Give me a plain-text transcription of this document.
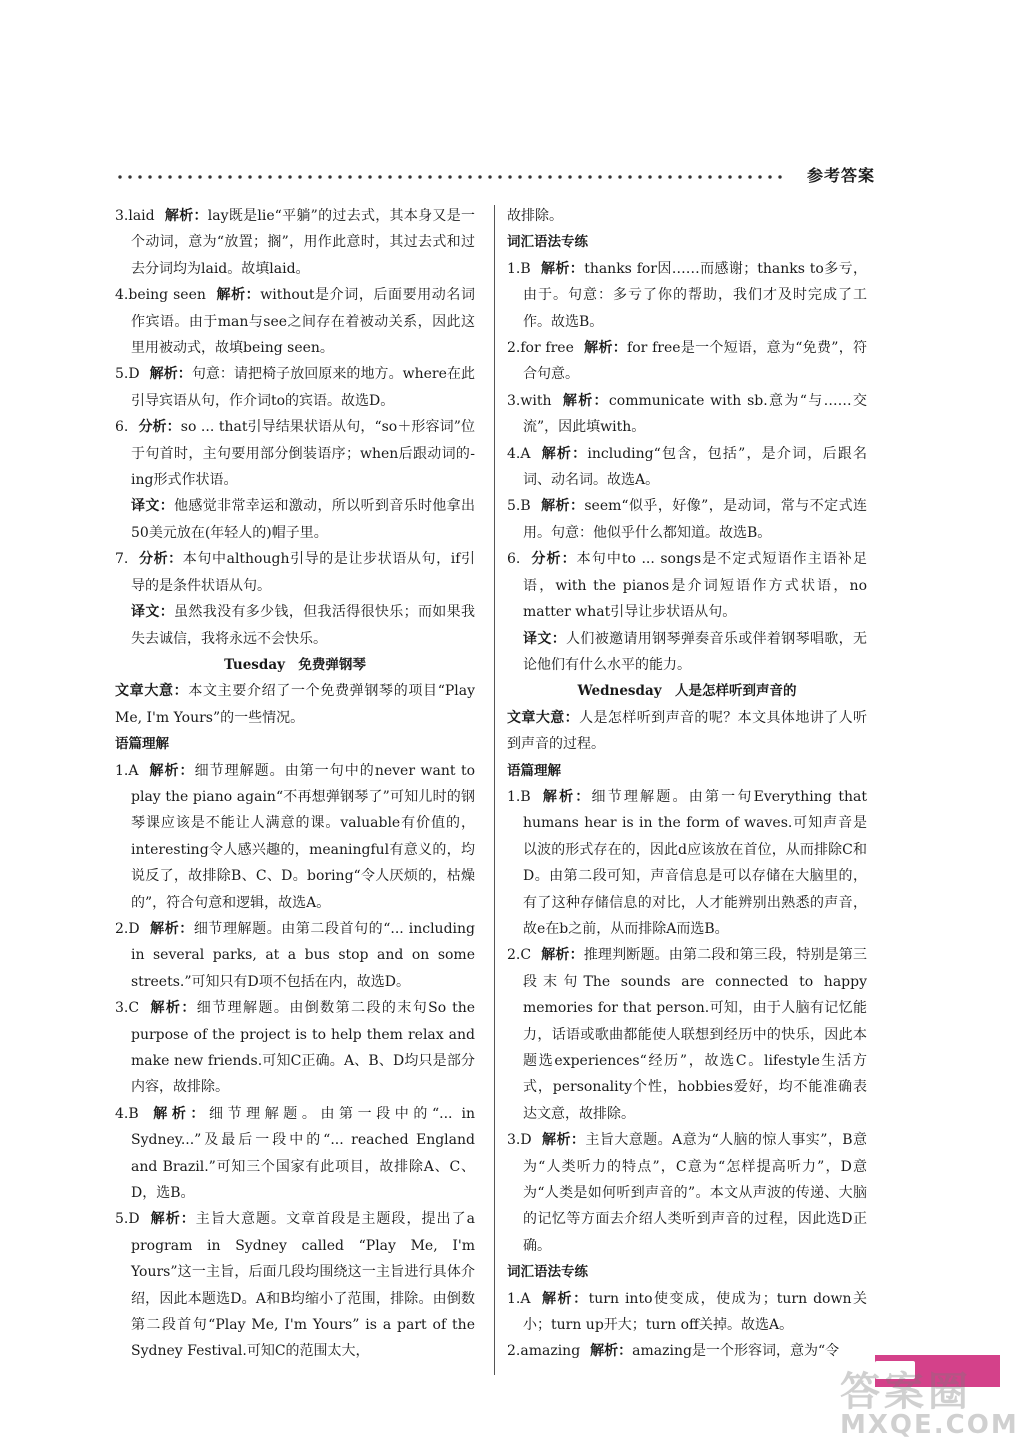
参考答案

3.laid 解析：lay既是lie“平躺”的过去式，其本身又是一个动词，意为“放置；搁”，用作此意时，其过去式和过去分词均为laid。故填laid。

4.being seen 解析：without是介词，后面要用动名词作宾语。由于man与see之间存在着被动关系，因此这里用被动式，故填being seen。

5.D 解析：句意：请把椅子放回原来的地方。where在此引导宾语从句，作介词to的宾语。故选D。

6. 分析：so ... that引导结果状语从句，“so＋形容词”位于句首时，主句要用部分倒装语序；when后跟动词的-ing形式作状语。

译文：他感觉非常幸运和激动，所以听到音乐时他拿出50美元放在(年轻人的)帽子里。

7. 分析：本句中although引导的是让步状语从句，if引导的是条件状语从句。

译文：虽然我没有多少钱，但我活得很快乐；而如果我失去诚信，我将永远不会快乐。

Tuesday　免费弹钢琴

文章大意：本文主要介绍了一个免费弹钢琴的项目“Play Me, I'm Yours”的一些情况。

语篇理解

1.A 解析：细节理解题。由第一句中的never want to play the piano again“不再想弹钢琴了”可知儿时的钢琴课应该是不能让人满意的课。valuable有价值的，interesting令人感兴趣的，meaningful有意义的，均说反了，故排除B、C、D。boring“令人厌烦的，枯燥的”，符合句意和逻辑，故选A。

2.D 解析：细节理解题。由第二段首句的“... including in several parks, at a bus stop and on some streets.”可知只有D项不包括在内，故选D。

3.C 解析：细节理解题。由倒数第二段的末句So the purpose of the project is to help them relax and make new friends.可知C正确。A、B、D均只是部分内容，故排除。

4.B 解析：细节理解题。由第一段中的“... in Sydney...”及最后一段中的“... reached England and Brazil.”可知三个国家有此项目，故排除A、C、D，选B。

5.D 解析：主旨大意题。文章首段是主题段，提出了a program in Sydney called “Play Me, I'm Yours”这一主旨，后面几段均围绕这一主旨进行具体介绍，因此本题选D。A和B均缩小了范围，排除。由倒数第二段首句“Play Me, I'm Yours” is a part of the Sydney Festival.可知C的范围太大，

故排除。

词汇语法专练

1.B 解析：thanks for因……而感谢；thanks to多亏，由于。句意：多亏了你的帮助，我们才及时完成了工作。故选B。

2.for free 解析：for free是一个短语，意为“免费”，符合句意。

3.with 解析：communicate with sb.意为“与……交流”，因此填with。

4.A 解析：including“包含，包括”，是介词，后跟名词、动名词。故选A。

5.B 解析：seem“似乎，好像”，是动词，常与不定式连用。句意：他似乎什么都知道。故选B。

6. 分析：本句中to ... songs是不定式短语作主语补足语，with the pianos是介词短语作方式状语，no matter what引导让步状语从句。

译文：人们被邀请用钢琴弹奏音乐或伴着钢琴唱歌，无论他们有什么水平的能力。

Wednesday　人是怎样听到声音的

文章大意：人是怎样听到声音的呢？本文具体地讲了人听到声音的过程。

语篇理解

1.B 解析：细节理解题。由第一句Everything that humans hear is in the form of waves.可知声音是以波的形式存在的，因此d应该放在首位，从而排除C和D。由第二段可知，声音信息是可以存储在大脑里的，有了这种存储信息的对比，人才能辨别出熟悉的声音，故e在b之前，从而排除A而选B。

2.C 解析：推理判断题。由第二段和第三段，特别是第三段末句The sounds are connected to happy memories for that person.可知，由于人脑有记忆能力，话语或歌曲都能使人联想到经历中的快乐，因此本题选experiences“经历”，故选C。lifestyle生活方式，personality个性，hobbies爱好，均不能准确表达文意，故排除。

3.D 解析：主旨大意题。A意为“人脑的惊人事实”，B意为“人类听力的特点”，C意为“怎样提高听力”，D意为“人类是如何听到声音的”。本文从声波的传递、大脑的记忆等方面去介绍人类听到声音的过程，因此选D正确。

词汇语法专练

1.A 解析：turn into使变成，使成为；turn down关小；turn up开大；turn off关掉。故选A。

2.amazing 解析：amazing是一个形容词，意为“令

答案圈
MXQE.COM
